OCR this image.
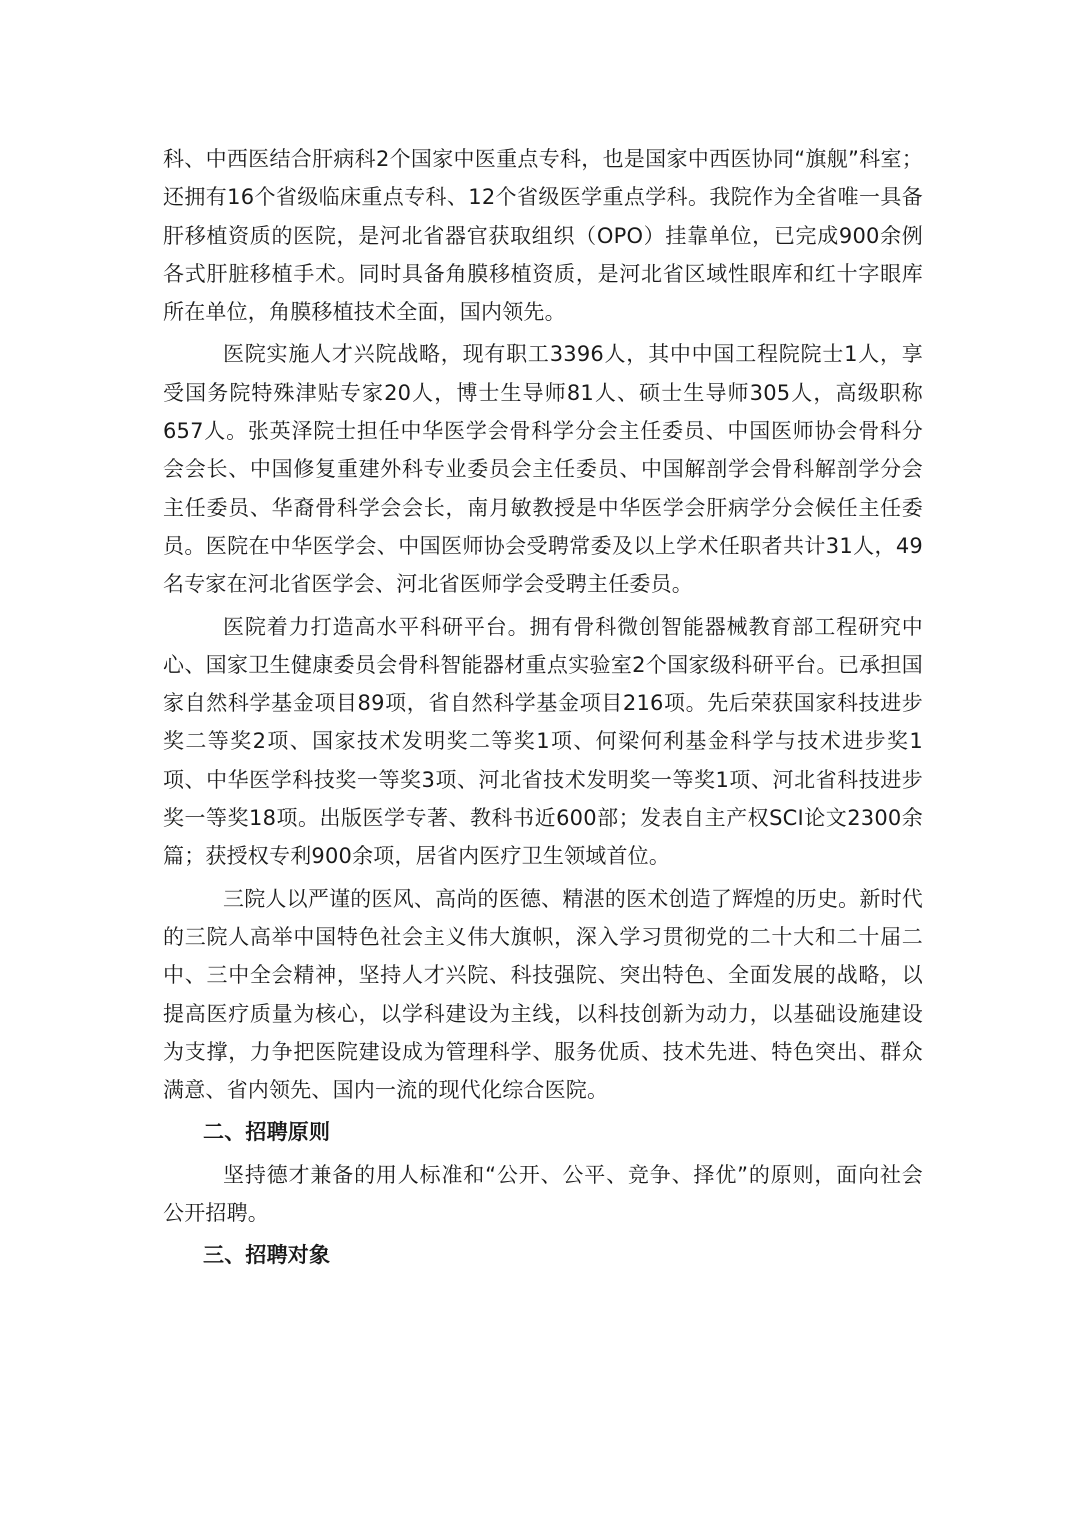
科、中西医结合肝病科2个国家中医重点专科，也是国家中西医协同“旗舰”科室；还拥有16个省级临床重点专科、12个省级医学重点学科。我院作为全省唯一具备肝移植资质的医院，是河北省器官获取组织（OPO）挂靠单位，已完成900余例各式肝脏移植手术。同时具备角膜移植资质，是河北省区域性眼库和红十字眼库所在单位，角膜移植技术全面，国内领先。

医院实施人才兴院战略，现有职工3396人，其中中国工程院院士1人，享受国务院特殊津贴专家20人，博士生导师81人、硕士生导师305人，高级职称657人。张英泽院士担任中华医学会骨科学分会主任委员、中国医师协会骨科分会会长、中国修复重建外科专业委员会主任委员、中国解剖学会骨科解剖学分会主任委员、华裔骨科学会会长，南月敏教授是中华医学会肝病学分会候任主任委员。医院在中华医学会、中国医师协会受聘常委及以上学术任职者共计31人，49名专家在河北省医学会、河北省医师学会受聘主任委员。

医院着力打造高水平科研平台。拥有骨科微创智能器械教育部工程研究中心、国家卫生健康委员会骨科智能器材重点实验室2个国家级科研平台。已承担国家自然科学基金项目89项，省自然科学基金项目216项。先后荣获国家科技进步奖二等奖2项、国家技术发明奖二等奖1项、何梁何利基金科学与技术进步奖1项、中华医学科技奖一等奖3项、河北省技术发明奖一等奖1项、河北省科技进步奖一等奖18项。出版医学专著、教科书近600部；发表自主产权SCI论文2300余篇；获授权专利900余项，居省内医疗卫生领域首位。

三院人以严谨的医风、高尚的医德、精湛的医术创造了辉煌的历史。新时代的三院人高举中国特色社会主义伟大旗帜，深入学习贯彻党的二十大和二十届二中、三中全会精神，坚持人才兴院、科技强院、突出特色、全面发展的战略，以提高医疗质量为核心，以学科建设为主线，以科技创新为动力，以基础设施建设为支撑，力争把医院建设成为管理科学、服务优质、技术先进、特色突出、群众满意、省内领先、国内一流的现代化综合医院。

二、招聘原则

坚持德才兼备的用人标准和“公开、公平、竞争、择优”的原则，面向社会公开招聘。

三、招聘对象
